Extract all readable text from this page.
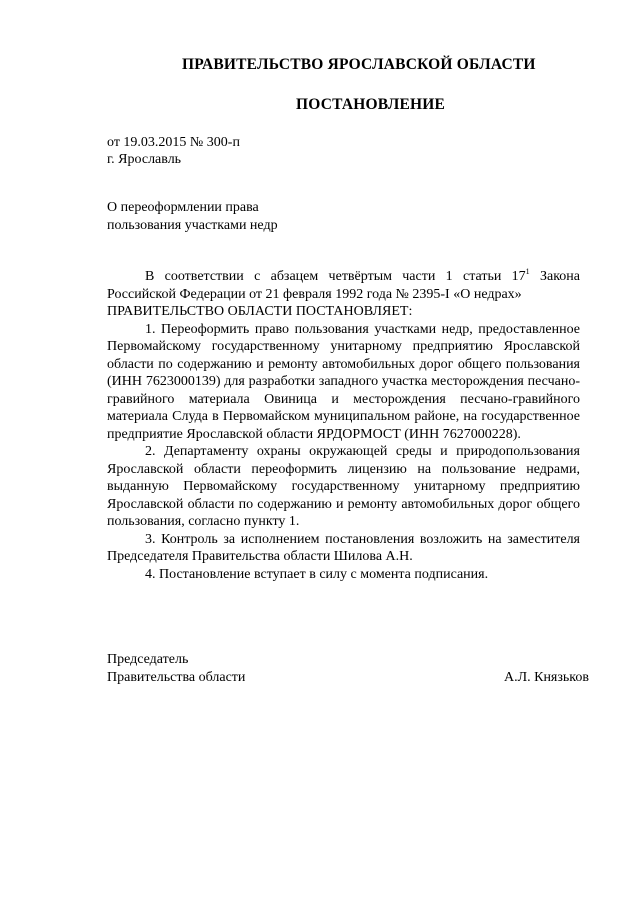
ПРАВИТЕЛЬСТВО ЯРОСЛАВСКОЙ ОБЛАСТИ
ПОСТАНОВЛЕНИЕ
от 19.03.2015 № 300-п
г. Ярославль
О переоформлении права
пользования участками недр

В соответствии с абзацем четвёртым части 1 статьи $17^1$ Закона Российской Федерации от 21 февраля 1992 года № 2395-I «О недрах»

ПРАВИТЕЛЬСТВО ОБЛАСТИ ПОСТАНОВЛЯЕТ:

1. Переоформить право пользования участками недр, предоставленное Первомайскому государственному унитарному предприятию Ярославской области по содержанию и ремонту автомобильных дорог общего пользования (ИНН 7623000139) для разработки западного участка месторождения песчано-гравийного материала Овиница и месторождения песчано-гравийного материала Слуда в Первомайском муниципальном районе, на государственное предприятие Ярославской области ЯРДОРМОСТ (ИНН 7627000228).

2. Департаменту охраны окружающей среды и природопользования Ярославской области переоформить лицензию на пользование недрами, выданную Первомайскому государственному унитарному предприятию Ярославской области по содержанию и ремонту автомобильных дорог общего пользования, согласно пункту 1.

3. Контроль за исполнением постановления возложить на заместителя Председателя Правительства области Шилова А.Н.

4. Постановление вступает в силу с момента подписания.

Председатель
Правительства области	А.Л. Князьков
